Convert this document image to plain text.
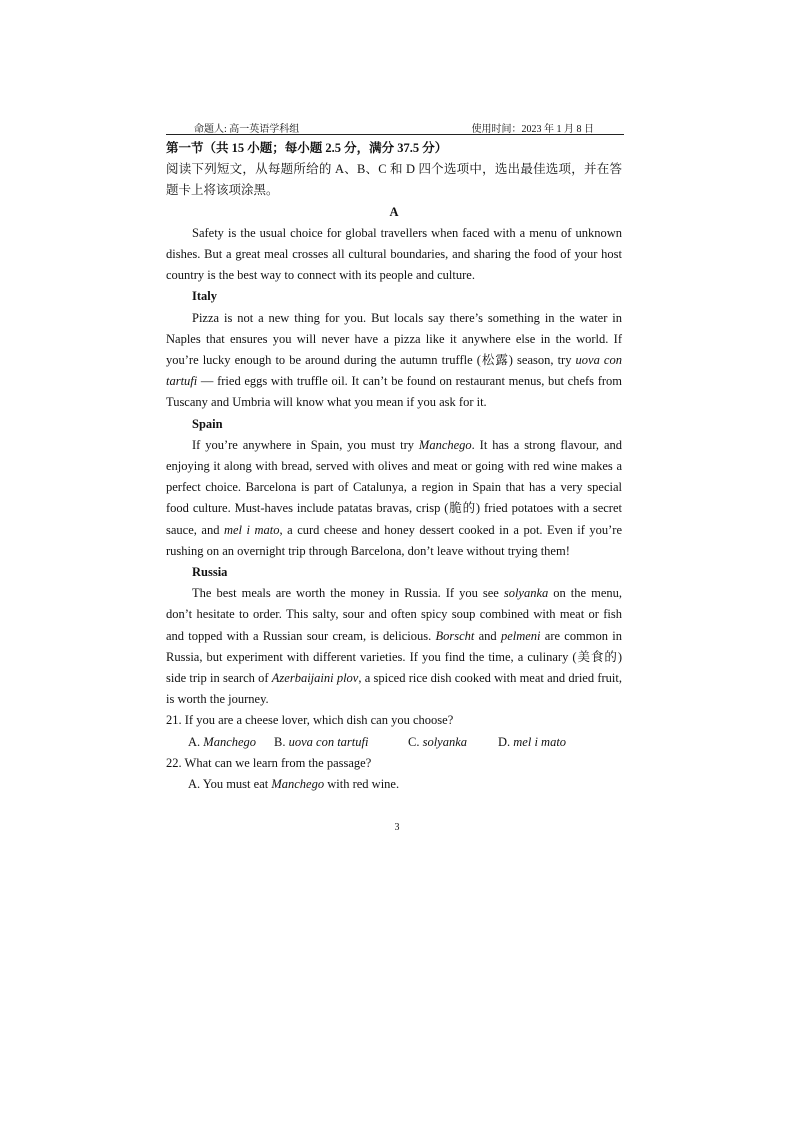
命题人: 高一英语学科组	使用时间：2023 年 1 月 8 日

第一节（共 15 小题；每小题 2.5 分，满分 37.5 分）

阅读下列短文，从每题所给的 A、B、C 和 D 四个选项中，选出最佳选项，并在答题卡上将该项涂黑。

A

Safety is the usual choice for global travellers when faced with a menu of unknown dishes. But a great meal crosses all cultural boundaries, and sharing the food of your host country is the best way to connect with its people and culture.

Italy

Pizza is not a new thing for you. But locals say there’s something in the water in Naples that ensures you will never have a pizza like it anywhere else in the world. If you’re lucky enough to be around during the autumn truffle (松露) season, try uova con tartufi — fried eggs with truffle oil. It can’t be found on restaurant menus, but chefs from Tuscany and Umbria will know what you mean if you ask for it.

Spain

If you’re anywhere in Spain, you must try Manchego. It has a strong flavour, and enjoying it along with bread, served with olives and meat or going with red wine makes a perfect choice. Barcelona is part of Catalunya, a region in Spain that has a very special food culture. Must-haves include patatas bravas, crisp (脆的) fried potatoes with a secret sauce, and mel i mato, a curd cheese and honey dessert cooked in a pot. Even if you’re rushing on an overnight trip through Barcelona, don’t leave without trying them!

Russia

The best meals are worth the money in Russia. If you see solyanka on the menu, don’t hesitate to order. This salty, sour and often spicy soup combined with meat or fish and topped with a Russian sour cream, is delicious. Borscht and pelmeni are common in Russia, but experiment with different varieties. If you find the time, a culinary (美食的) side trip in search of Azerbaijaini plov, a spiced rice dish cooked with meat and dried fruit, is worth the journey.

21. If you are a cheese lover, which dish can you choose?

A. Manchego B. uova con tartufi	C. solyanka D. mel i mato

22. What can we learn from the passage?

A. You must eat Manchego with red wine.

3
